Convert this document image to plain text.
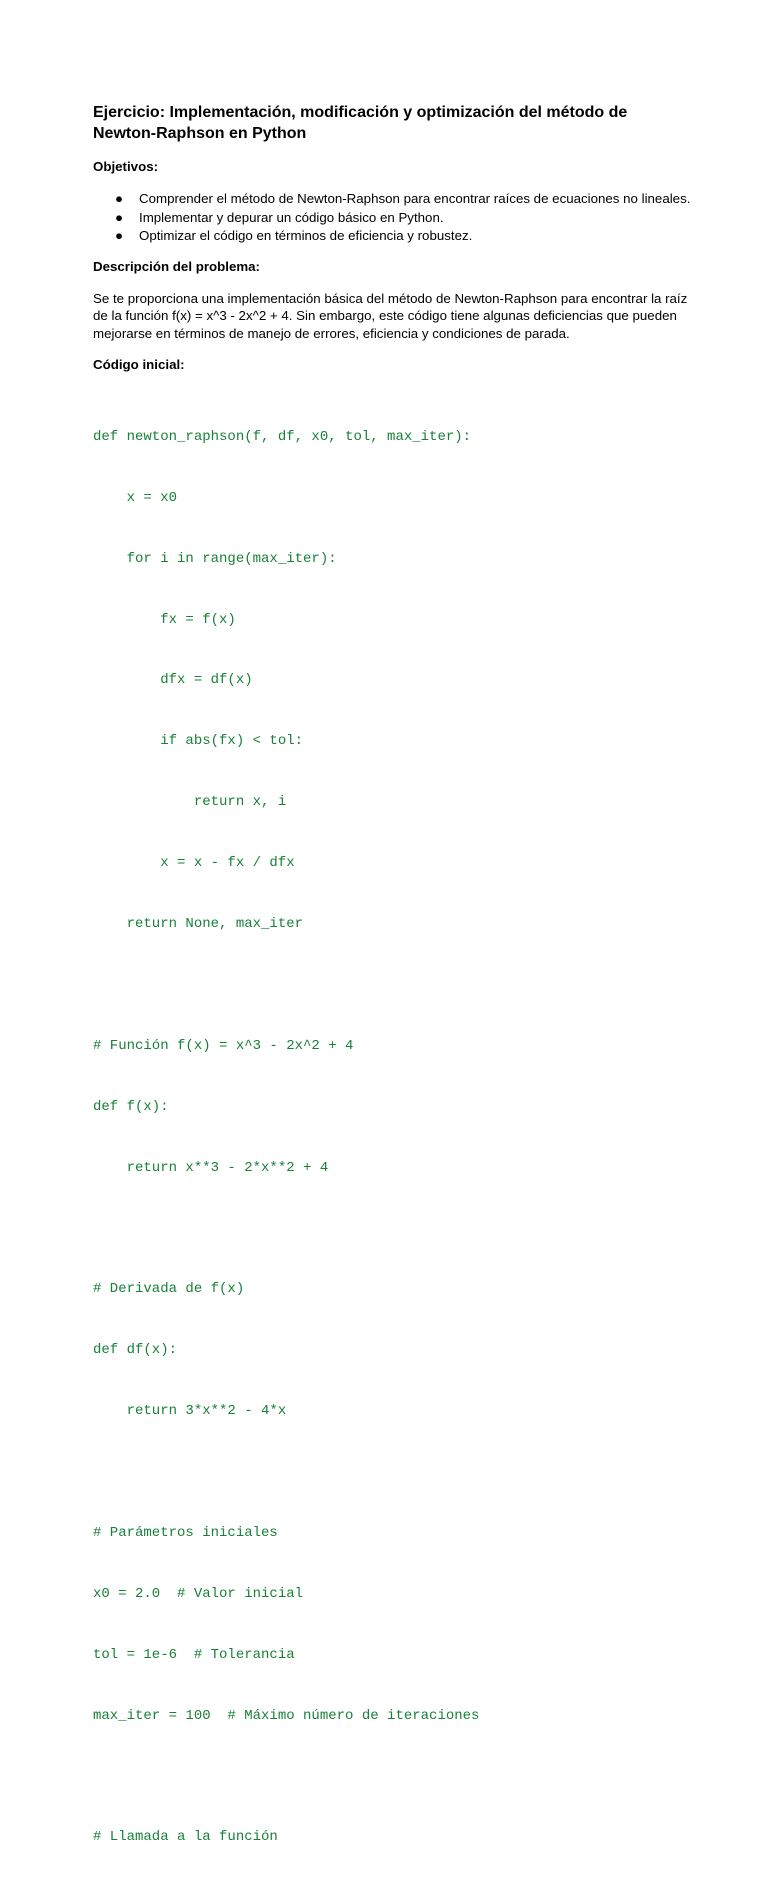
Ejercicio: Implementación, modificación y optimización del método de Newton-Raphson en Python
Objetivos:
● Comprender el método de Newton-Raphson para encontrar raíces de ecuaciones no lineales.
● Implementar y depurar un código básico en Python.
● Optimizar el código en términos de eficiencia y robustez.
Descripción del problema:

Se te proporciona una implementación básica del método de Newton-Raphson para encontrar la raíz de la función f(x) = x^3 - 2x^2 + 4. Sin embargo, este código tiene algunas deficiencias que pueden mejorarse en términos de manejo de errores, eficiencia y condiciones de parada.

Código inicial:

def newton_raphson(f, df, x0, tol, max_iter):

x = x0

for i in range(max_iter):

fx = f(x)

dfx = df(x)

if abs(fx) < tol:

return x, i

x = x - fx / dfx

return None, max_iter

# Función f(x) = x^3 - 2x^2 + 4

def f(x):

return x**3 - 2*x**2 + 4

# Derivada de f(x)

def df(x):

return 3*x**2 - 4*x

# Parámetros iniciales

x0 = 2.0  # Valor inicial

tol = 1e-6  # Tolerancia

max_iter = 100  # Máximo número de iteraciones

# Llamada a la función
